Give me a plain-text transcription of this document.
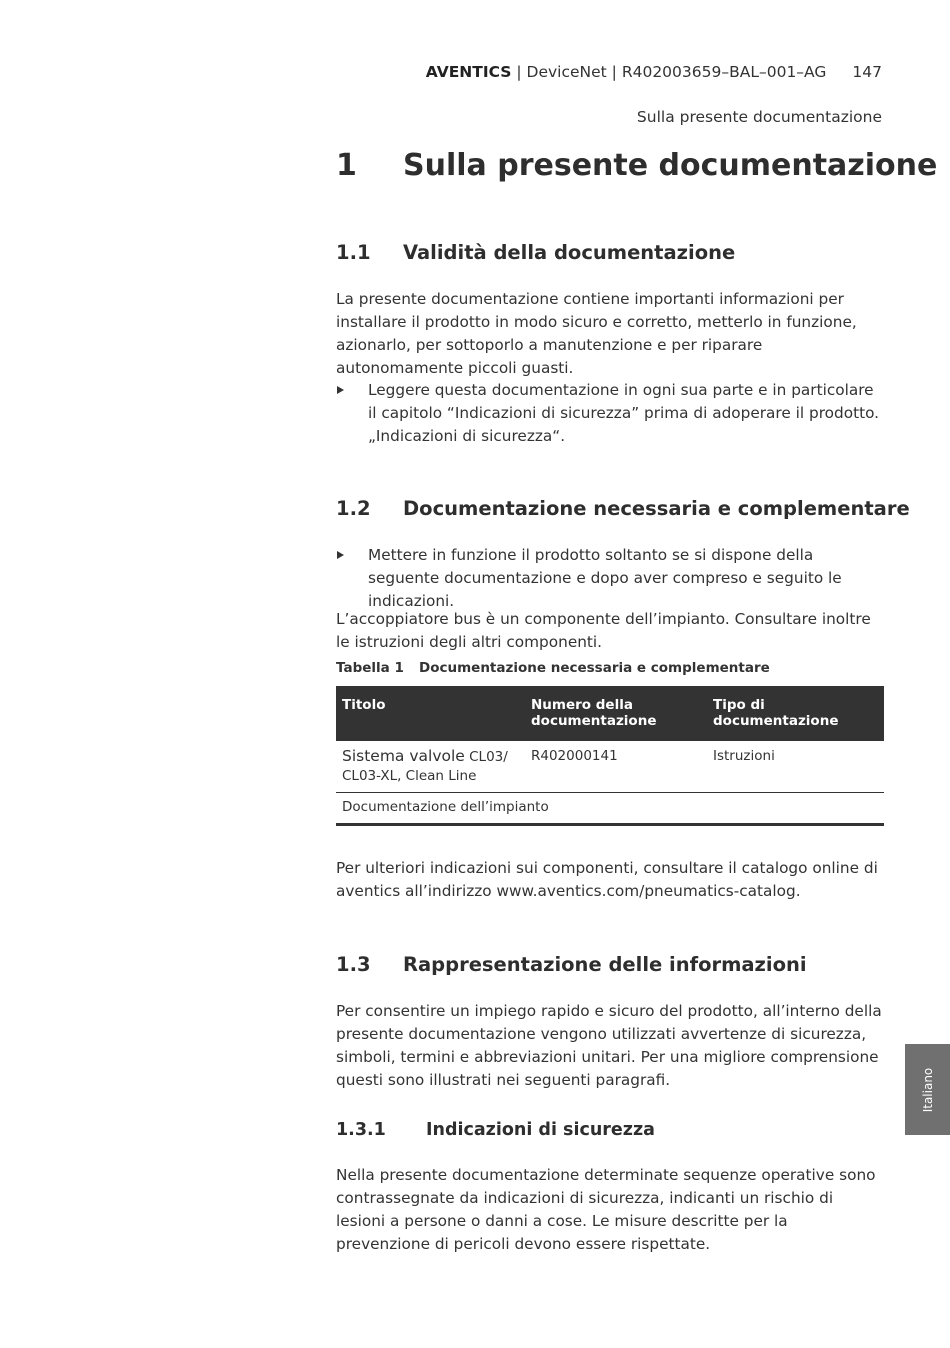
AVENTICS | DeviceNet | R402003659–BAL–001–AG 147
Sulla presente documentazione
1 Sulla presente documentazione
1.1 Validità della documentazione
La presente documentazione contiene importanti informazioni per installare il prodotto in modo sicuro e corretto, metterlo in funzione, azionarlo, per sottoporlo a manutenzione e per riparare autonomamente piccoli guasti.
Leggere questa documentazione in ogni sua parte e in particolare il capitolo “Indicazioni di sicurezza” prima di adoperare il prodotto.
„Indicazioni di sicurezza“.
1.2 Documentazione necessaria e complementare
Mettere in funzione il prodotto soltanto se si dispone della seguente documentazione e dopo aver compreso e seguito le indicazioni.
L’accoppiatore bus è un componente dell’impianto. Consultare inoltre le istruzioni degli altri componenti.
Tabella 1 Documentazione necessaria e complementare
Titolo	Numero della documentazione	Tipo di documentazione
Sistema valvole CL03/ CL03-XL, Clean Line	R402000141	Istruzioni
Documentazione dell’impianto		
Per ulteriori indicazioni sui componenti, consultare il catalogo online di aventics all’indirizzo www.aventics.com/pneumatics-catalog.
1.3 Rappresentazione delle informazioni
Per consentire un impiego rapido e sicuro del prodotto, all’interno della presente documentazione vengono utilizzati avvertenze di sicurezza, simboli, termini e abbreviazioni unitari. Per una migliore comprensione questi sono illustrati nei seguenti paragrafi.
1.3.1 Indicazioni di sicurezza
Nella presente documentazione determinate sequenze operative sono contrassegnate da indicazioni di sicurezza, indicanti un rischio di lesioni a persone o danni a cose. Le misure descritte per la prevenzione di pericoli devono essere rispettate.
Italiano
